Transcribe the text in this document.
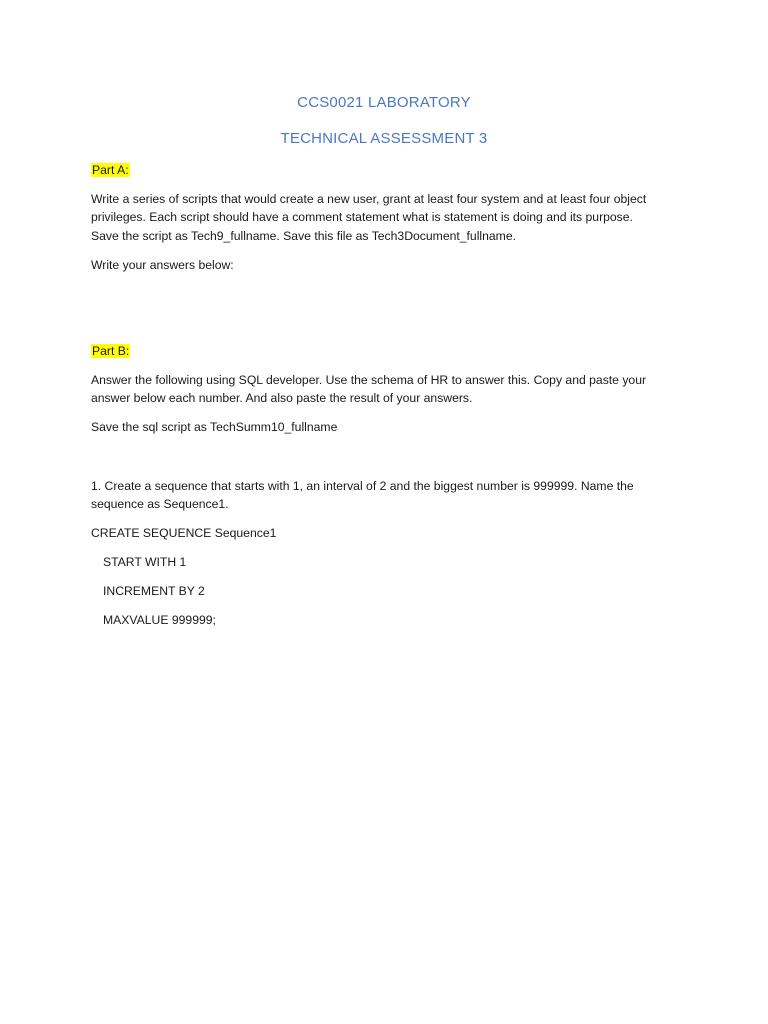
CCS0021 LABORATORY
TECHNICAL ASSESSMENT 3
Part A:
Write a series of scripts that would create a new user, grant at least four system and at least four object
privileges. Each script should have a comment statement what is statement is doing and its purpose.
Save the script as Tech9_fullname. Save this file as Tech3Document_fullname.
Write your answers below:
Part B:
Answer the following using SQL developer. Use the schema of HR to answer this. Copy and paste your
answer below each number. And also paste the result of your answers.
Save the sql script as TechSumm10_fullname
1. Create a sequence that starts with 1, an interval of 2 and the biggest number is 999999. Name the
sequence as Sequence1.
CREATE SEQUENCE Sequence1
START WITH 1
INCREMENT BY 2
MAXVALUE 999999;
